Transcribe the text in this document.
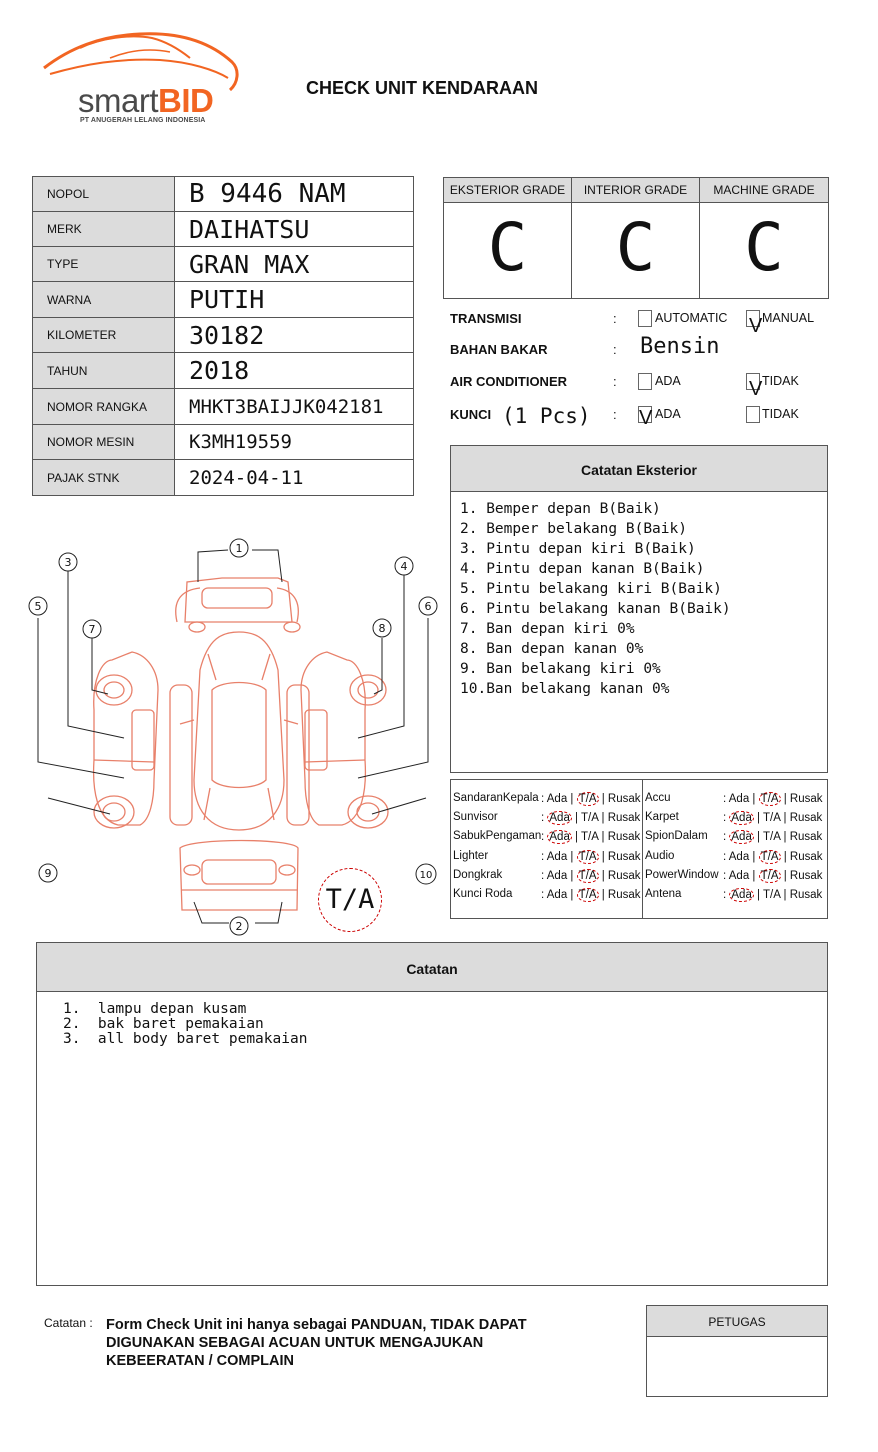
smartBID
PT ANUGERAH LELANG INDONESIA
CHECK UNIT KENDARAAN
NOPOL	B 9446 NAM
MERK	DAIHATSU
TYPE	GRAN MAX
WARNA	PUTIH
KILOMETER	30182
TAHUN	2018
NOMOR RANGKA	MHKT3BAIJJK042181
NOMOR MESIN	K3MH19559
PAJAK STNK	2024-04-11
EKSTERIOR GRADE
C
INTERIOR GRADE
C
MACHINE GRADE
C
TRANSMISI	:	AUTOMATIC V MANUAL
BAHAN BAKAR	: Bensin
AIR CONDITIONER	:	ADA	V TIDAK
KUNCI (1 Pcs) : V ADA	TIDAK
Catatan Eksterior
1. Bemper depan B(Baik)
2. Bemper belakang B(Baik)
3. Pintu depan kiri B(Baik)
4. Pintu depan kanan B(Baik)
5. Pintu belakang kiri B(Baik)
6. Pintu belakang kanan B(Baik)
7. Ban depan kiri 0%
8. Ban depan kanan 0%
9. Ban belakang kiri 0%
10.Ban belakang kanan 0%
SandaranKepala : Ada | T/A | Rusak
Sunvisor	: Ada | T/A | Rusak
SabukPengaman : Ada | T/A | Rusak
Lighter	: Ada | T/A | Rusak
Dongkrak	: Ada | T/A | Rusak
Kunci Roda : Ada | T/A | Rusak
Accu	: Ada | T/A | Rusak
Karpet	: Ada | T/A | Rusak
SpionDalam : Ada | T/A | Rusak
Audio	: Ada | T/A | Rusak
PowerWindow : Ada | T/A | Rusak
Antena	: Ada | T/A | Rusak
1
2
3	4
5	6
7	8
9	10
T/A
Catatan
1.  lampu depan kusam
2.  bak baret pemakaian
3.  all body baret pemakaian
Catatan : Form Check Unit ini hanya sebagai PANDUAN, TIDAK DAPAT DIGUNAKAN SEBAGAI ACUAN UNTUK MENGAJUKAN KEBEERATAN / COMPLAIN
PETUGAS
